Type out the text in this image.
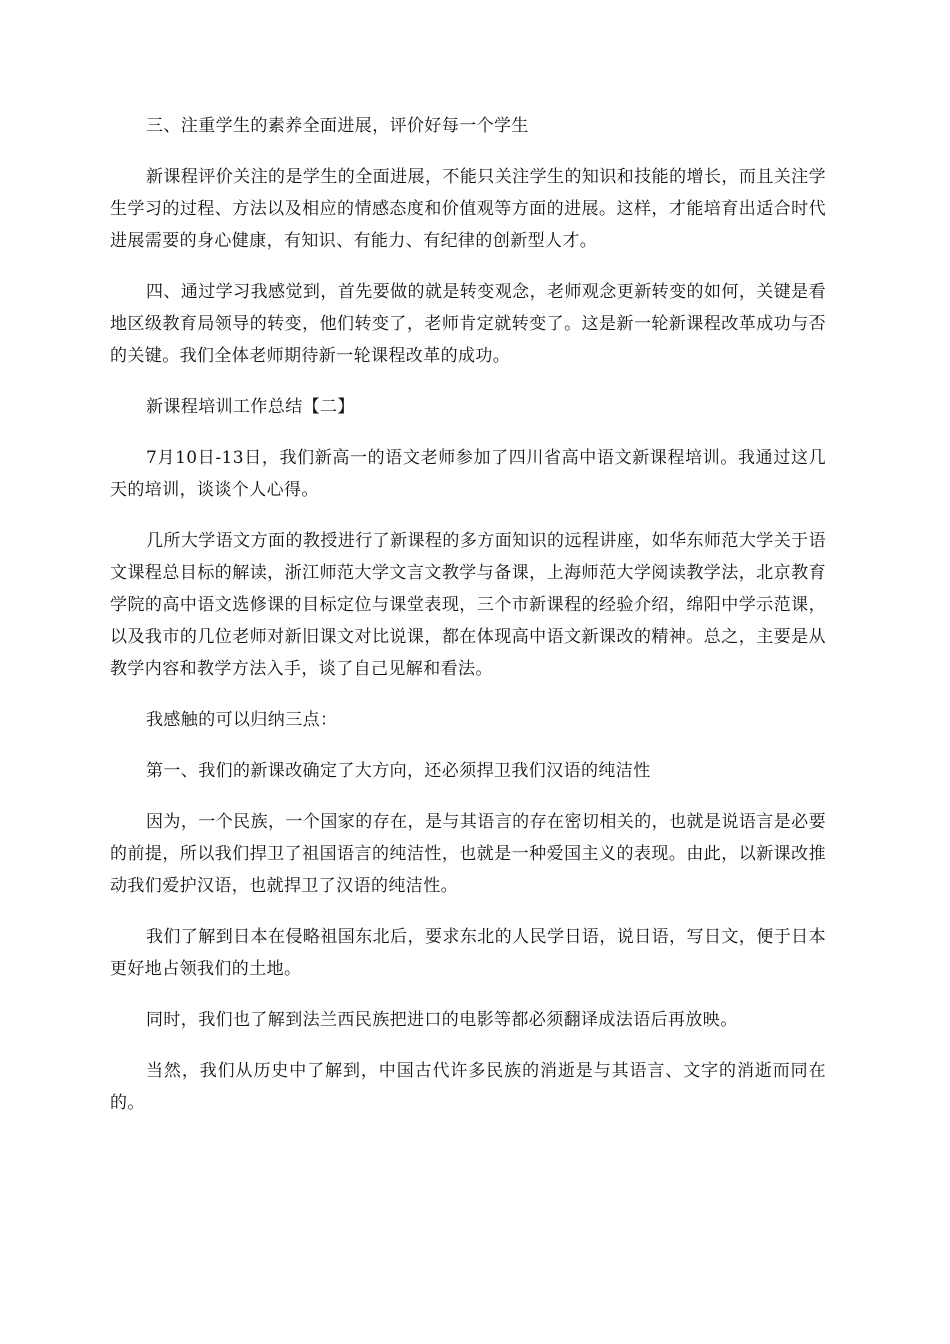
三、注重学生的素养全面进展，评价好每一个学生

新课程评价关注的是学生的全面进展，不能只关注学生的知识和技能的增长，而且关注学生学习的过程、方法以及相应的情感态度和价值观等方面的进展。这样，才能培育出适合时代进展需要的身心健康，有知识、有能力、有纪律的创新型人才。

四、通过学习我感觉到，首先要做的就是转变观念，老师观念更新转变的如何，关键是看地区级教育局领导的转变，他们转变了，老师肯定就转变了。这是新一轮新课程改革成功与否的关键。我们全体老师期待新一轮课程改革的成功。

新课程培训工作总结【二】

7月10日-13日，我们新高一的语文老师参加了四川省高中语文新课程培训。我通过这几天的培训，谈谈个人心得。

几所大学语文方面的教授进行了新课程的多方面知识的远程讲座，如华东师范大学关于语文课程总目标的解读，浙江师范大学文言文教学与备课，上海师范大学阅读教学法，北京教育学院的高中语文选修课的目标定位与课堂表现，三个市新课程的经验介绍，绵阳中学示范课，以及我市的几位老师对新旧课文对比说课，都在体现高中语文新课改的精神。总之，主要是从教学内容和教学方法入手，谈了自己见解和看法。

我感触的可以归纳三点：

第一、我们的新课改确定了大方向，还必须捍卫我们汉语的纯洁性

因为，一个民族，一个国家的存在，是与其语言的存在密切相关的，也就是说语言是必要的前提，所以我们捍卫了祖国语言的纯洁性，也就是一种爱国主义的表现。由此，以新课改推动我们爱护汉语，也就捍卫了汉语的纯洁性。

我们了解到日本在侵略祖国东北后，要求东北的人民学日语，说日语，写日文，便于日本更好地占领我们的土地。

同时，我们也了解到法兰西民族把进口的电影等都必须翻译成法语后再放映。

当然，我们从历史中了解到，中国古代许多民族的消逝是与其语言、文字的消逝而同在的。
